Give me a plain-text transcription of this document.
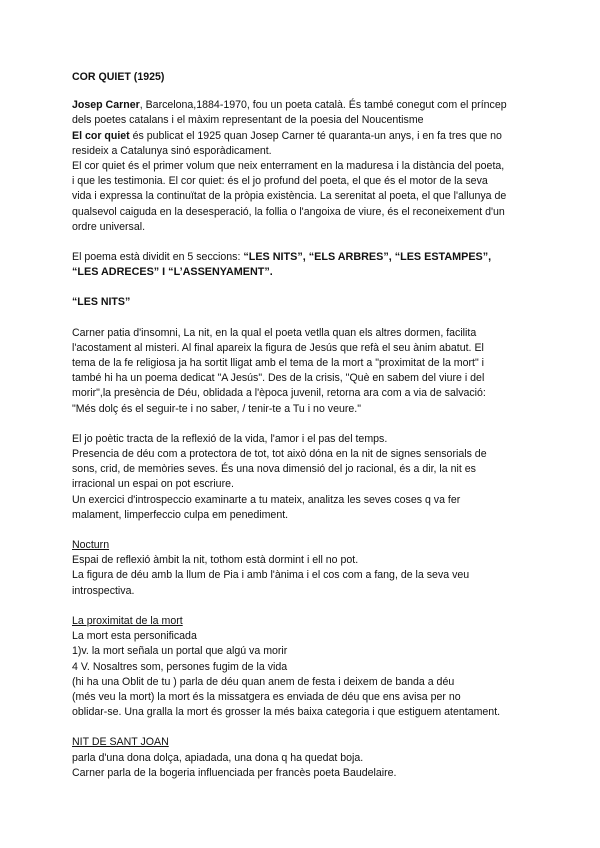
COR QUIET (1925)

Josep Carner, Barcelona,1884-1970, fou un poeta català. És també conegut com el príncep

dels poetes catalans i el màxim representant de la poesia del Noucentisme

El cor quiet és publicat el 1925 quan Josep Carner té quaranta-un anys, i en fa tres que no

resideix a Catalunya sinó esporàdicament.

El cor quiet és el primer volum que neix enterrament en la maduresa i la distància del poeta,

i que les testimonia. El cor quiet: és el jo profund del poeta, el que és el motor de la seva

vida i expressa la continuïtat de la pròpia existència. La serenitat al poeta, el que l'allunya de

qualsevol caiguda en la desesperació, la follia o l'angoixa de viure, és el reconeixement d'un

ordre universal.

El poema està dividit en 5 seccions: “LES NITS”, “ELS ARBRES”, “LES ESTAMPES”,

“LES ADRECES” I “L’ASSENYAMENT”.

“LES NITS”

Carner patia d'insomni, La nit, en la qual el poeta vetlla quan els altres dormen, facilita

l'acostament al misteri. Al final apareix la figura de Jesús que refà el seu ànim abatut. El

tema de la fe religiosa ja ha sortit lligat amb el tema de la mort a "proximitat de la mort" i

també hi ha un poema dedicat "A Jesús". Des de la crisis, "Què en sabem del viure i del

morir",la presència de Déu, oblidada a l'època juvenil, retorna ara com a via de salvació:

"Més dolç és el seguir-te i no saber, / tenir-te a Tu i no veure."

El jo poètic tracta de la reflexió de la vida, l'amor i el pas del temps.

Presencia de déu com a protectora de tot, tot això dóna en la nit de signes sensorials de

sons, crid, de memòries seves. És una nova dimensió del jo racional, és a dir, la nit es

irracional un espai on pot escriure.

Un exercici d'introspeccio examinarte a tu mateix, analitza les seves coses q va fer

malament, limperfeccio culpa em penediment.

Nocturn

Espai de reflexió àmbit la nit, tothom està dormint i ell no pot.

La figura de déu amb la llum de Pia i amb l'ànima i el cos com a fang, de la seva veu

introspectiva.

La proximitat de la mort

La mort esta personificada

1)v. la mort señala un portal que algú va morir

4 V. Nosaltres som, persones fugim de la vida

(hi ha una Oblit de tu ) parla de déu quan anem de festa i deixem de banda a déu

(més veu la mort) la mort és la missatgera es enviada de déu que ens avisa per no

oblidar-se. Una gralla la mort és grosser la més baixa categoria i que estiguem atentament.

NIT DE SANT JOAN

parla d'una dona dolça, apiadada, una dona q ha quedat boja.

Carner parla de la bogeria influenciada per francès poeta Baudelaire.
